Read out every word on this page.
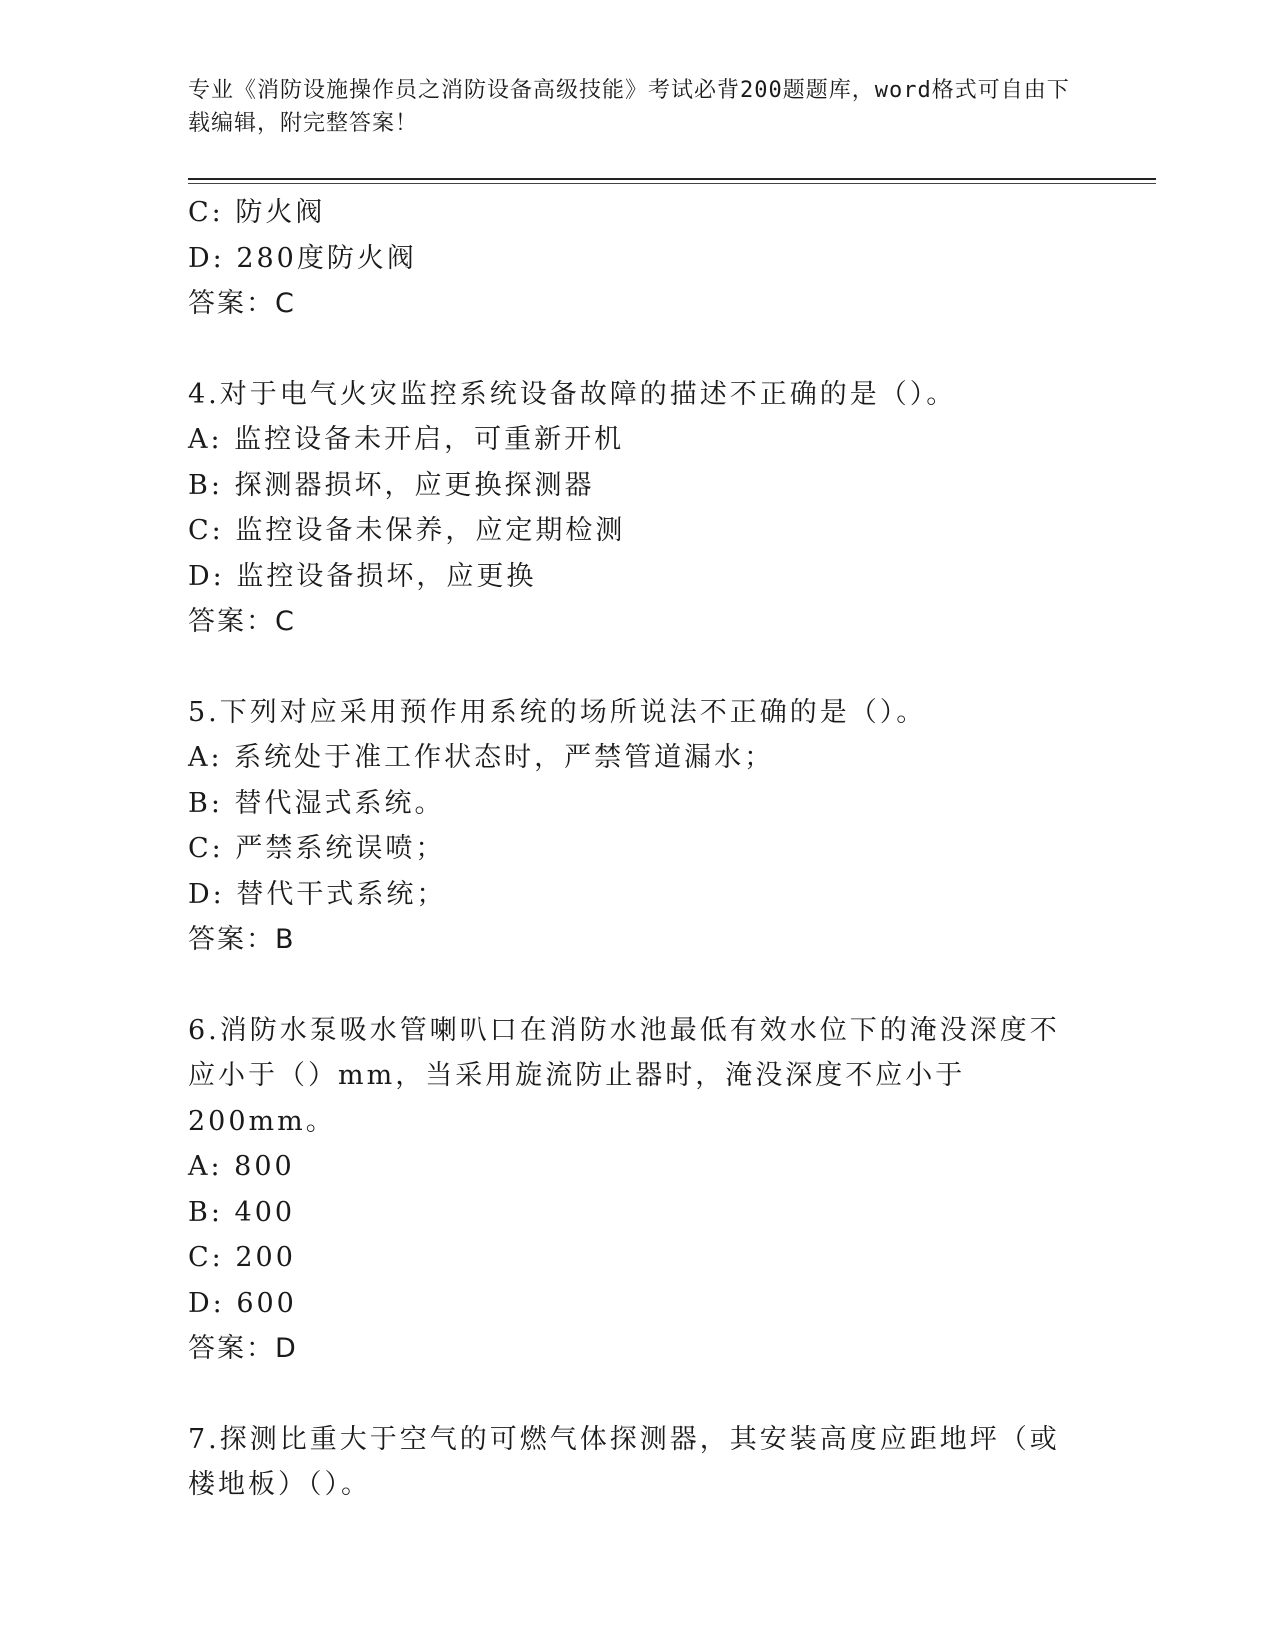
专业《消防设施操作员之消防设备高级技能》考试必背200题题库，word格式可自由下载编辑，附完整答案！
C: 防火阀
D: 280度防火阀
答案：C
4.对于电气火灾监控系统设备故障的描述不正确的是（）。
A: 监控设备未开启，可重新开机
B: 探测器损坏，应更换探测器
C: 监控设备未保养，应定期检测
D: 监控设备损坏，应更换
答案：C
5.下列对应采用预作用系统的场所说法不正确的是（）。
A: 系统处于准工作状态时，严禁管道漏水；
B: 替代湿式系统。
C: 严禁系统误喷；
D: 替代干式系统；
答案：B
6.消防水泵吸水管喇叭口在消防水池最低有效水位下的淹没深度不应小于（）mm，当采用旋流防止器时，淹没深度不应小于200mm。
A: 800
B: 400
C: 200
D: 600
答案：D
7.探测比重大于空气的可燃气体探测器，其安装高度应距地坪（或楼地板）（）。
